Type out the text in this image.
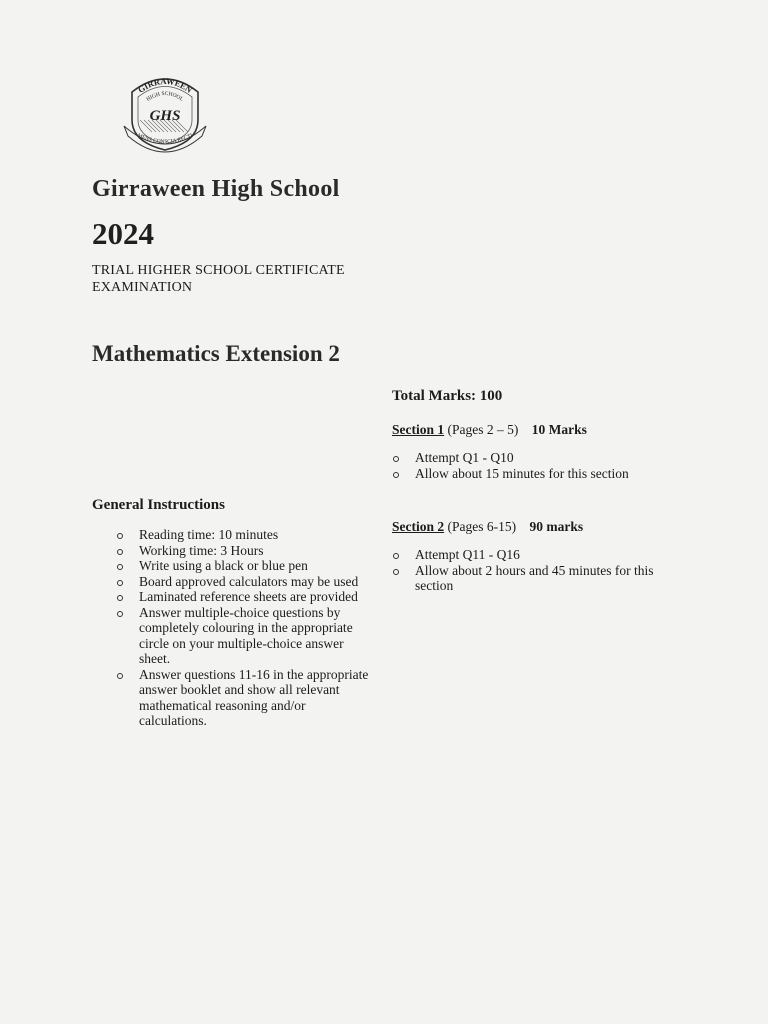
GIRRAWEEN
HIGH SCHOOL
GHS
MENS CONSCIA RECTI
Girraween High School
2024
TRIAL HIGHER SCHOOL CERTIFICATE
EXAMINATION
Mathematics Extension 2
Total Marks: 100
Section 1 (Pages 2 – 5) 10 Marks
Attempt Q1 - Q10
Allow about 15 minutes for this section
Section 2 (Pages 6-15) 90 marks
Attempt Q11 - Q16
Allow about 2 hours and 45 minutes for this section
General Instructions
Reading time: 10 minutes
Working time: 3 Hours
Write using a black or blue pen
Board approved calculators may be used
Laminated reference sheets are provided
Answer multiple-choice questions by completely colouring in the appropriate circle on your multiple-choice answer sheet.
Answer questions 11-16 in the appropriate answer booklet and show all relevant mathematical reasoning and/or calculations.
